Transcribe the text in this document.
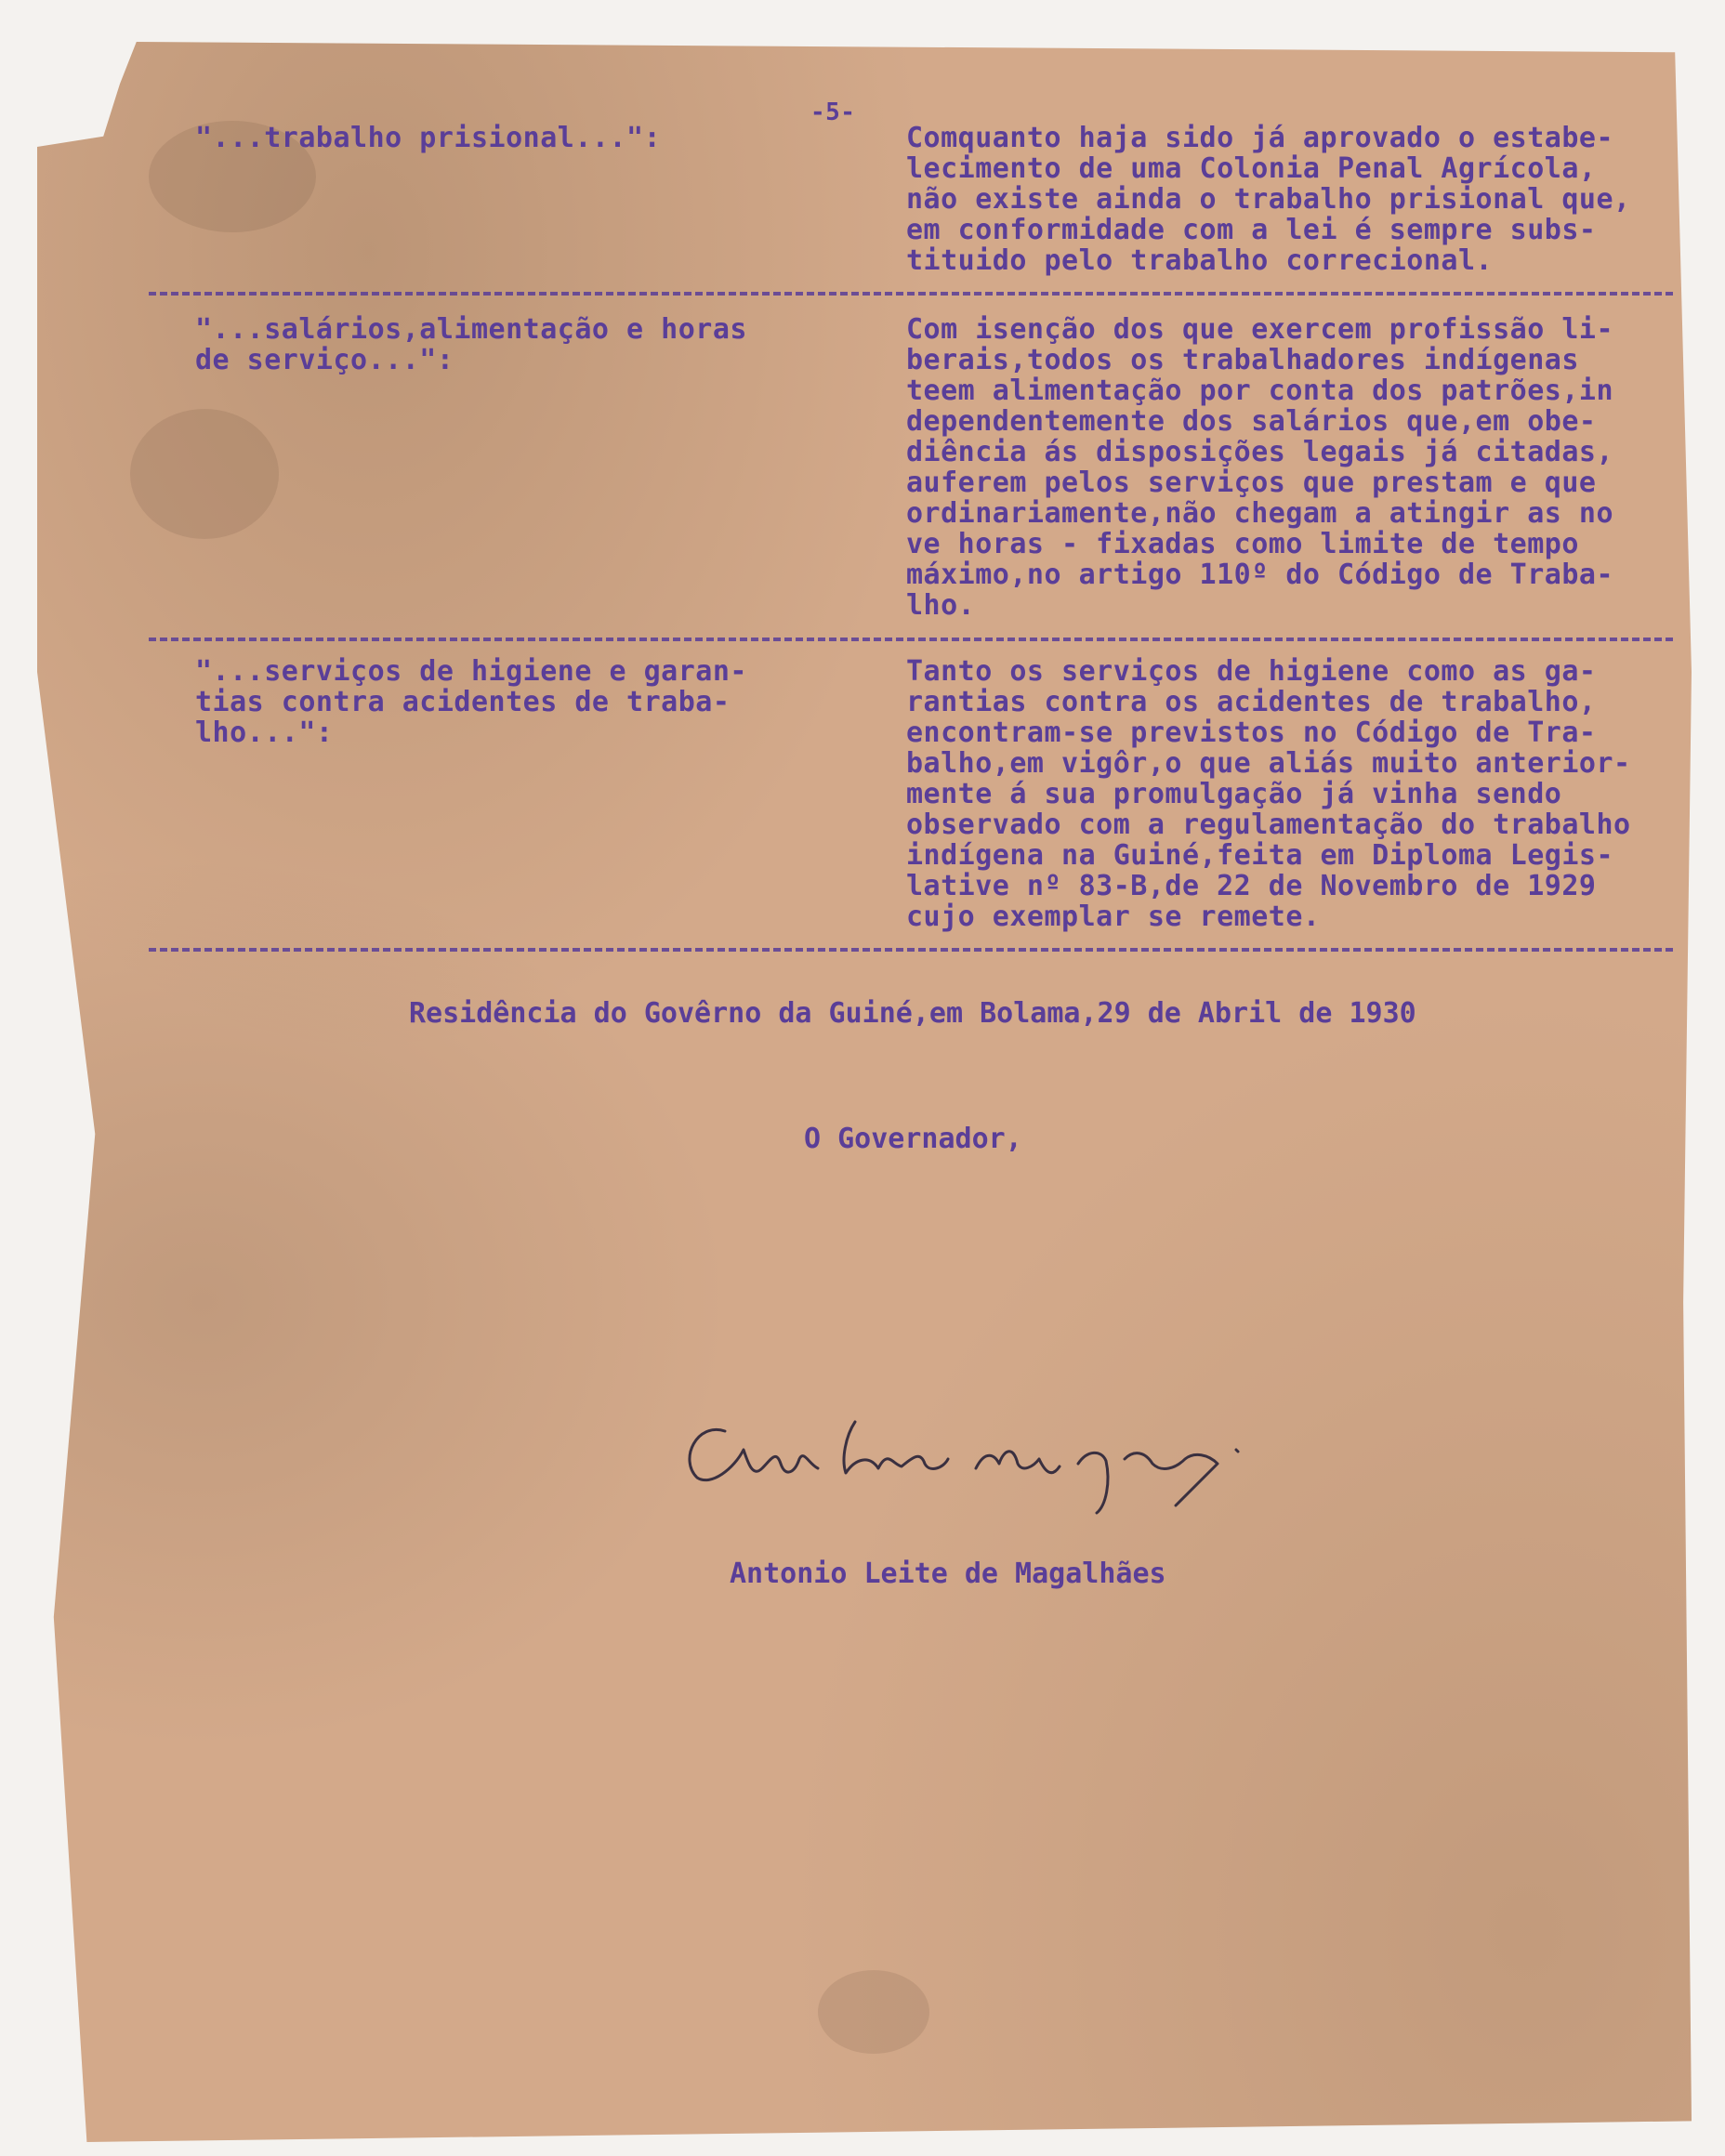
-5-
"...trabalho prisional...":	Comquanto haja sido já aprovado o estabe-
lecimento de uma Colonia Penal Agrícola,
não existe ainda o trabalho prisional que,
em conformidade com a lei é sempre subs-
tituido pelo trabalho correcional.
"...salários,alimentação e horas
de serviço...":
Com isenção dos que exercem profissão li-
berais,todos os trabalhadores indígenas
teem alimentação por conta dos patrões,in
dependentemente dos salários que,em obe-
diência ás disposições legais já citadas,
auferem pelos serviços que prestam e que
ordinariamente,não chegam a atingir as no
ve horas - fixadas como limite de tempo
máximo,no artigo 110º do Código de Traba-
lho.
"...serviços de higiene e garan-
tias contra acidentes de traba-
lho...":
Tanto os serviços de higiene como as ga-
rantias contra os acidentes de trabalho,
encontram-se previstos no Código de Tra-
balho,em vigôr,o que aliás muito anterior-
mente á sua promulgação já vinha sendo
observado com a regulamentação do trabalho
indígena na Guiné,feita em Diploma Legis-
lative nº 83-B,de 22 de Novembro de 1929
cujo exemplar se remete.
Residência do Govêrno da Guiné,em Bolama,29 de Abril de 1930
O Governador,
Antonio Leite de Magalhães
